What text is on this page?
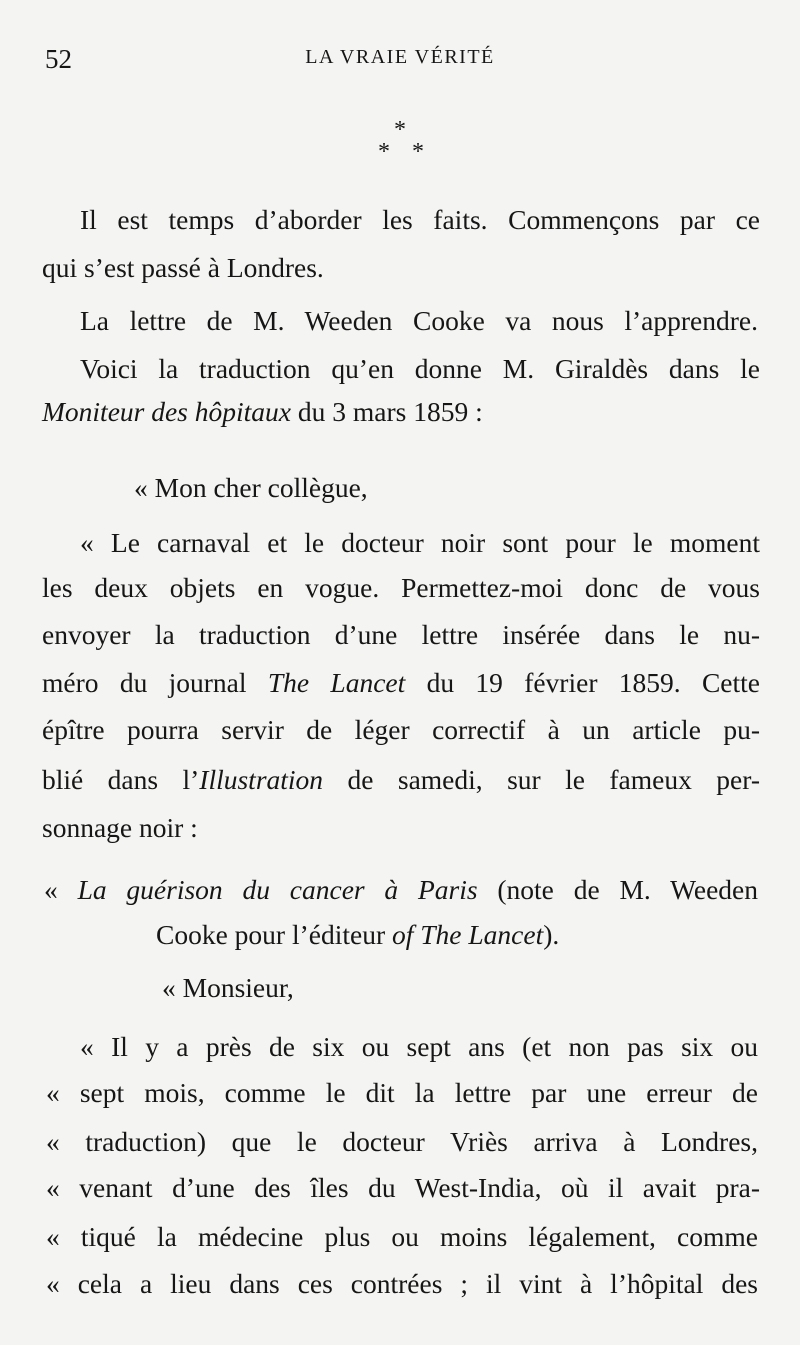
52	LA VRAIE VÉRITÉ
*
* *
Il est temps d’aborder les faits. Commençons par ce
qui s’est passé à Londres.
La lettre de M. Weeden Cooke va nous l’apprendre.
Voici la traduction qu’en donne M. Giraldès dans le
Moniteur des hôpitaux du 3 mars 1859 :
« Mon cher collègue,
« Le carnaval et le docteur noir sont pour le moment
les deux objets en vogue. Permettez-moi donc de vous
envoyer la traduction d’une lettre insérée dans le nu-
méro du journal The Lancet du 19 février 1859. Cette
épître pourra servir de léger correctif à un article pu-
blié dans l’Illustration de samedi, sur le fameux per-
sonnage noir :
« La guérison du cancer à Paris (note de M. Weeden
Cooke pour l’éditeur of The Lancet).
« Monsieur,
« Il y a près de six ou sept ans (et non pas six ou
« sept mois, comme le dit la lettre par une erreur de
« traduction) que le docteur Vriès arriva à Londres,
« venant d’une des îles du West-India, où il avait pra-
« tiqué la médecine plus ou moins légalement, comme
« cela a lieu dans ces contrées ; il vint à l’hôpital des
